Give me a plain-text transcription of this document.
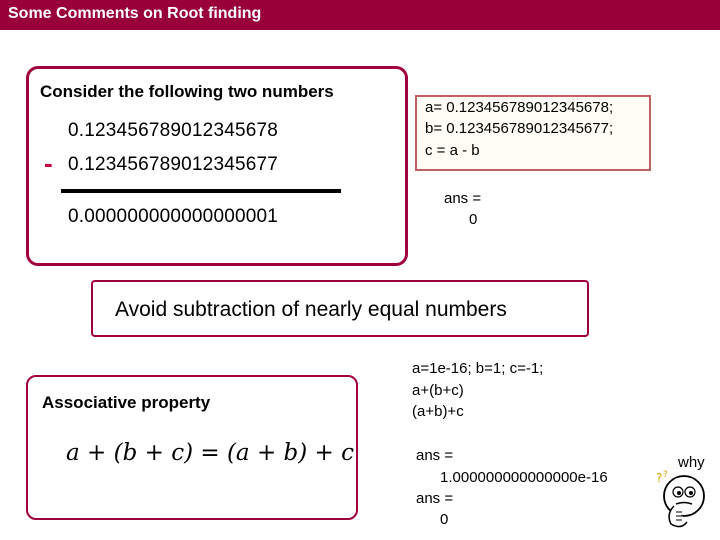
Some Comments on Root finding
Consider the following two numbers
0.123456789012345678
- 0.123456789012345677
0.000000000000000001
a= 0.123456789012345678;
b= 0.123456789012345677;
c = a - b
ans =
0
Avoid subtraction of nearly equal numbers
Associative property
a + (b + c) = (a + b) + c
a=1e-16; b=1; c=-1;
a+(b+c)
(a+b)+c
ans =
1.000000000000000e-16
ans =
0
why
? ?
